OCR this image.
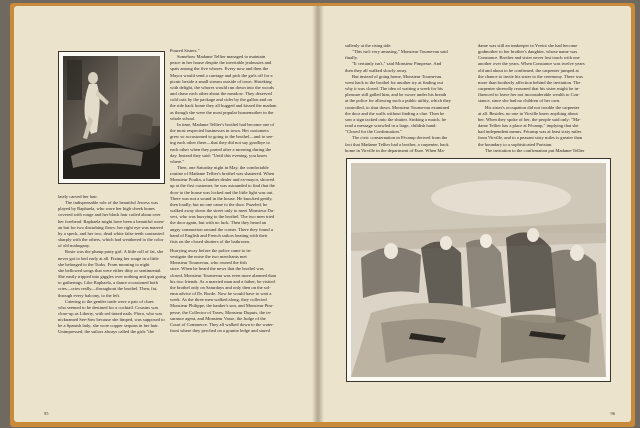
lately carved her hair.

The indispensable role of the beautiful Jewess was

played by Raphaela, who wore her high cheek bones

covered with rouge and her black hair coiled about over

her forehead. Raphaela might have been a beautiful wom-

an but for two disturbing flaws: her right eye was marred

by a speck, and her two, dead white false teeth contrasted

sharply with the others, which had weathered to the color

of old mahogany.

Rosie was the plump party girl. A little roll of fat, she

never got to bed early at all. Fixing her rouge in a little

she belonged to the Turks. From morning to night

she bellowed songs that were either ditty or sentimental.

She easily tripped into giggles over nothing and quit going

to gatherings. Like Raphaela, a dance occasioned both

cries—cries really—throughout the brothel. Then, fat,

through every balcony, to the left.

Catering to the gentler trade were a pair of clues

who seemed to be destined for a cocktail. Cousins was

close-up as Liberty, with red tinted nails. Flora, who was

nicknamed See-Saw because she limped, was supposed to

be a Spanish lady; she wore copper sequins in her hair.

Unimpressed, the sailors always called the girls "the

Poured Sisters."

Somehow Madame Tellier managed to maintain

peace in her house despite the inevitable jealousies and

spats among the five whores. Every now and then the

Mayor would send a carriage and pick the girls off for a

picnic beside a small stream outside of town. Shrieking

with delight, the whores would run down into the woods

and chase each other about the meadow. They deserved

cold cuts by the package and cider by the gallon and on

the ride back home they all hugged and kissed the madam

as though she were the most popular housemother in the

whole school.

In time, Madame Tellier's brothel had become one of

the most respected businesses in town. Her customers

grew so accustomed to going to the brothel—and to see-

ing each other there—that they did not say goodbye to

each other when they parted after a morning during the

day. Instead they said: "Until this evening, you know

where."

Then, one Saturday night in May, the comfortable

routine of Madame Tellier's brothel was shattered. When

Monsieur Poulin, a lumber dealer and ex-mayor, showed

up at the first customer, he was astounded to find that the

door to the house was locked and the little light was out.

There was not a sound in the house. He knocked gently,

then loudly, but no one came to the door. Puzzled, he

walked away down the street only to meet Monsieur Du-

vert, who was hurrying to the brothel. The two men tried

the door again, but with no luck. Then they heard an

angry commotion around the corner. There they found a

band of English and French sailors beating with their

fists on the closed shutters of the bathroom.

Hurrying away before the police came to in-

vestigate the noise the two merchants met

Monsieur Tournevau, who owned the fish

store. When he heard the news that the brothel was

closed, Monsieur Tournevau was even more alarmed than

his two friends. As a married man and a father, he visited

the brothel only on Saturdays and only then on the sol-

emn advice of Dr. Borde. Now he would have to wait a

week. As the three men walked along, they collected

Monsieur Philippe, the banker's son, and Monsieur Pim-

pesse, the Collector of Taxes, Monsieur Dupuis, the in-

surance agent, and Monsieur Vasse, the Judge of the

Court of Commerce. They all walked down to the water-

front where they perched on a granite ledge and stared

95

sullenly at the rising tide.

"This isn't very amusing," Monsieur Tournevau said

finally.

"It certainly isn't," said Monsieur Pimpesse. And

then they all walked slowly away.

But instead of going home, Monsieur Tournevau

went back to the brothel for another try at finding out

why it was closed. The idea of waiting a week for his

pleasure still galled him, and he swore under his breath

at the police for allowing such a public utility, which they

controlled, to shut down. Monsieur Tournevau examined

the door and the walls without finding a clue. Then he

saw a sign tacked onto the shutter. Striking a match, he

read a message scrawled in a large, childish hand:

"Closed for the Confirmation."

The civic consternation in Fécamp derived from the

fact that Madame Tellier had a brother, a carpenter, back

home in Virville in the department of Eure. When Ma-

dame was still an innkeeper in Yvetot she had become

godmother to her brother's daughter, whose name was

Constance. Brother and sister never lost touch with one

another over the years. When Constance was twelve years

old and about to be confirmed, the carpenter jumped at

the chance to invite his sister to the ceremony. There was

more than brotherly affection behind the invitation. The

carpenter shrewdly reasoned that his sister might be in-

fluenced to leave her not inconsiderable wealth to Con-

stance, since she had no children of her own.

His sister's occupation did not trouble the carpenter

at all. Besides, no one in Virville knew anything about

her. When they spoke of her, the people said only: "Ma-

dame Tellier has a place at Fécamp," implying that she

had independent means. Fécamp was at least sixty miles

from Virville, and to a peasant sixty miles is greater than

the boundary to a sophisticated Parisian.

The invitation to the confirmation put Madame Tellier

96
